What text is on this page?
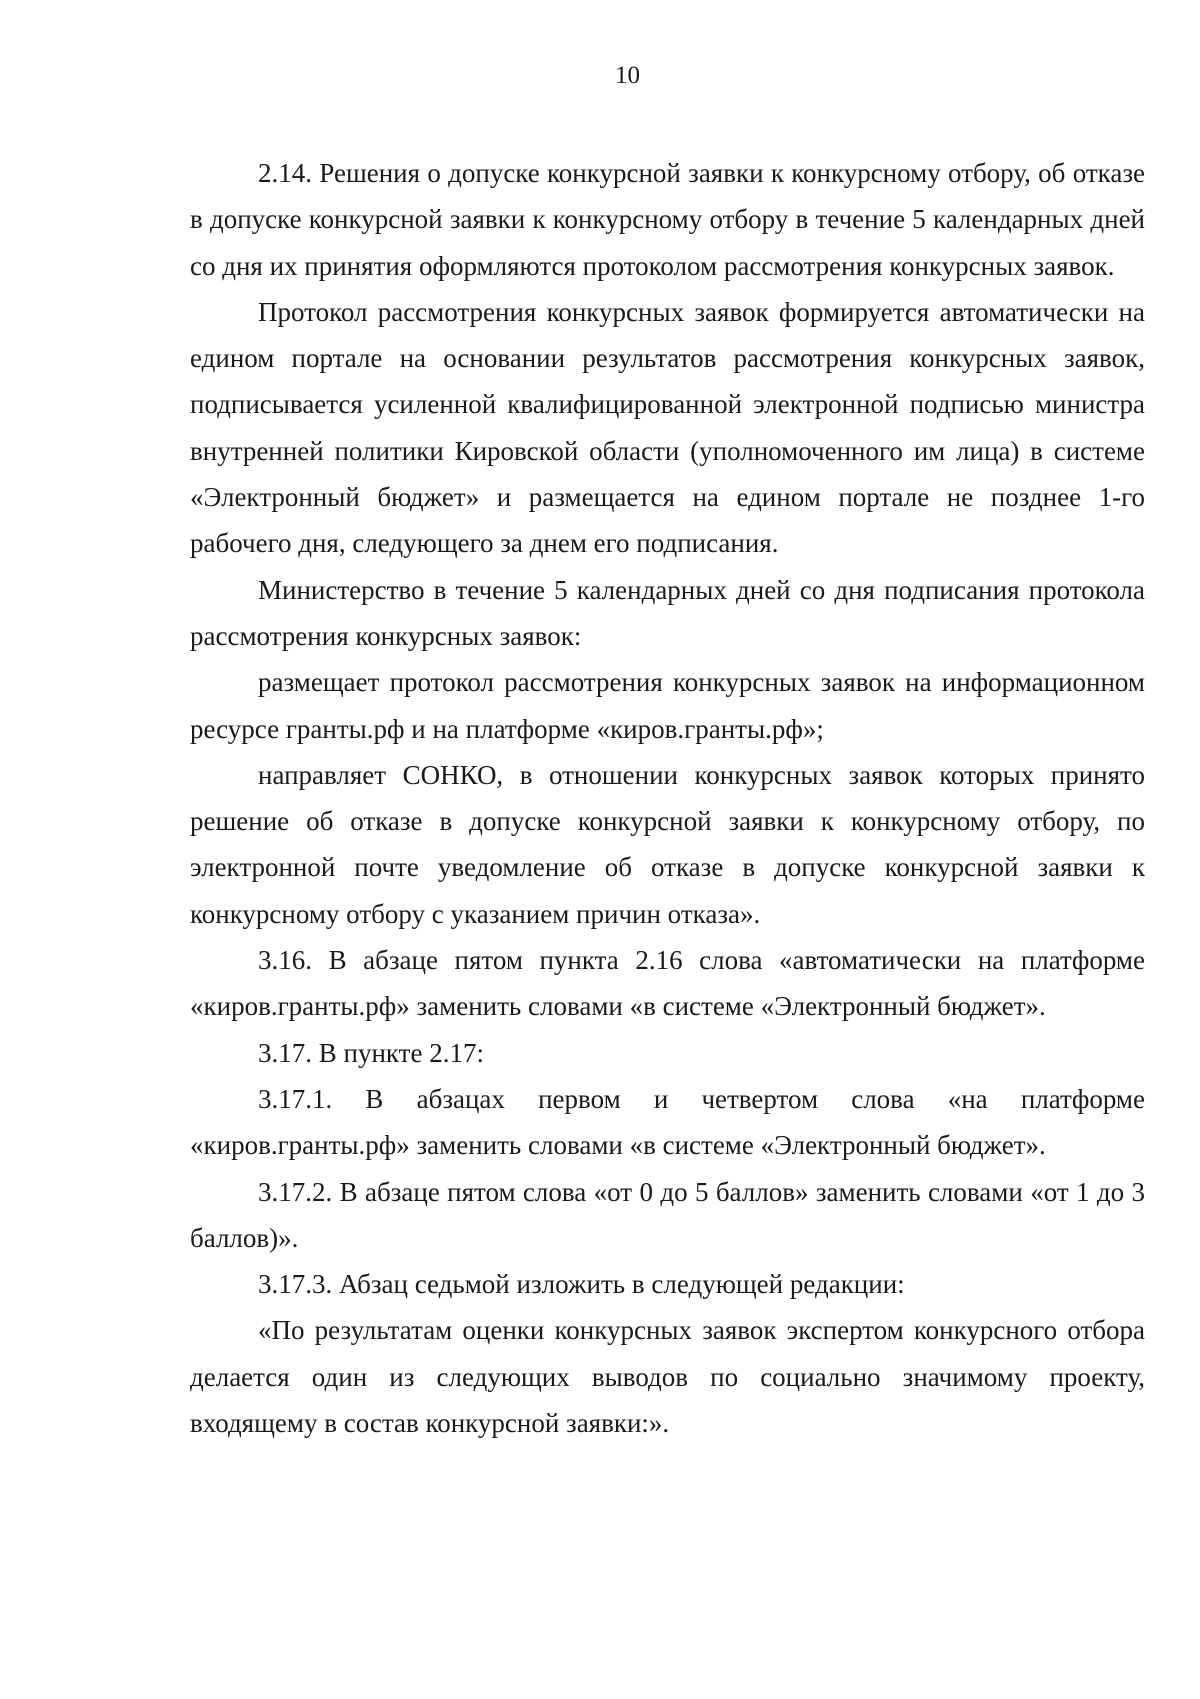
10

2.14. Решения о допуске конкурсной заявки к конкурсному отбору, об отказе в допуске конкурсной заявки к конкурсному отбору в течение 5 календарных дней со дня их принятия оформляются протоколом рассмотрения конкурсных заявок.

Протокол рассмотрения конкурсных заявок формируется автоматически на едином портале на основании результатов рассмотрения конкурсных заявок, подписывается усиленной квалифицированной электронной подписью министра внутренней политики Кировской области (уполномоченного им лица) в системе «Электронный бюджет» и размещается на едином портале не позднее 1-го рабочего дня, следующего за днем его подписания.

Министерство в течение 5 календарных дней со дня подписания протокола рассмотрения конкурсных заявок:

размещает протокол рассмотрения конкурсных заявок на информационном ресурсе гранты.рф и на платформе «киров.гранты.рф»;

направляет СОНКО, в отношении конкурсных заявок которых принято решение об отказе в допуске конкурсной заявки к конкурсному отбору, по электронной почте уведомление об отказе в допуске конкурсной заявки к конкурсному отбору с указанием причин отказа».

3.16. В абзаце пятом пункта 2.16 слова «автоматически на платформе «киров.гранты.рф» заменить словами «в системе «Электронный бюджет».

3.17. В пункте 2.17:

3.17.1. В абзацах первом и четвертом слова «на платформе «киров.гранты.рф» заменить словами «в системе «Электронный бюджет».

3.17.2. В абзаце пятом слова «от 0 до 5 баллов» заменить словами «от 1 до 3 баллов)».

3.17.3. Абзац седьмой изложить в следующей редакции:

«По результатам оценки конкурсных заявок экспертом конкурсного отбора делается один из следующих выводов по социально значимому проекту, входящему в состав конкурсной заявки:».
